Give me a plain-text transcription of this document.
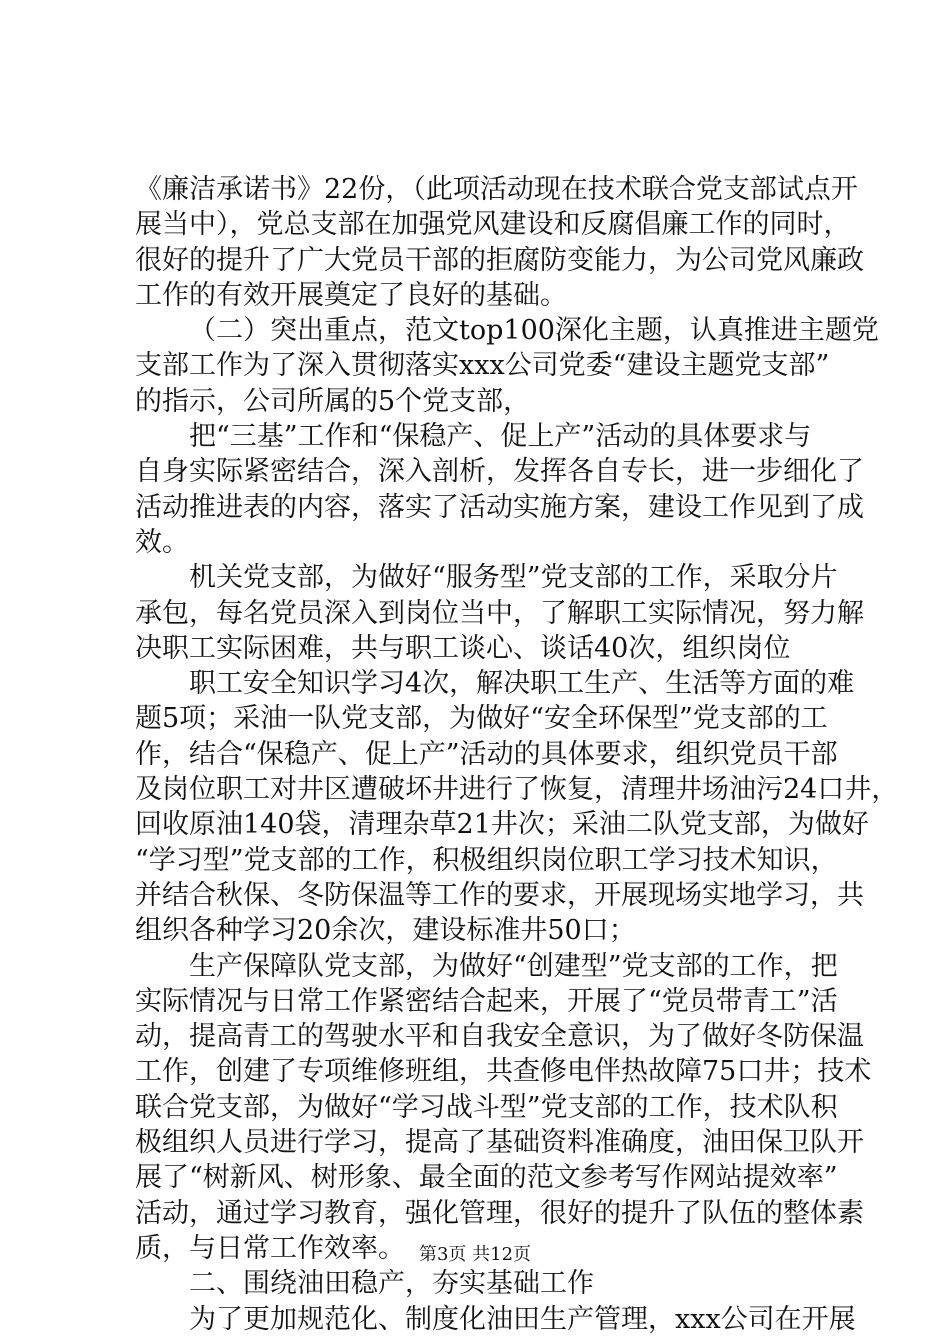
《廉洁承诺书》22份，（此项活动现在技术联合党支部试点开
展当中），党总支部在加强党风建设和反腐倡廉工作的同时，
很好的提升了广大党员干部的拒腐防变能力，为公司党风廉政
工作的有效开展奠定了良好的基础。
（二）突出重点，范文top100深化主题，认真推进主题党
支部工作为了深入贯彻落实xxx公司党委“建设主题党支部”
的指示，公司所属的5个党支部，
把“三基”工作和“保稳产、促上产”活动的具体要求与
自身实际紧密结合，深入剖析，发挥各自专长，进一步细化了
活动推进表的内容，落实了活动实施方案，建设工作见到了成
效。
机关党支部，为做好“服务型”党支部的工作，采取分片
承包，每名党员深入到岗位当中，了解职工实际情况，努力解
决职工实际困难，共与职工谈心、谈话40次，组织岗位
职工安全知识学习4次，解决职工生产、生活等方面的难
题5项；采油一队党支部，为做好“安全环保型”党支部的工
作，结合“保稳产、促上产”活动的具体要求，组织党员干部
及岗位职工对井区遭破坏井进行了恢复，清理井场油污24口井，
回收原油140袋，清理杂草21井次；采油二队党支部，为做好
“学习型”党支部的工作，积极组织岗位职工学习技术知识，
并结合秋保、冬防保温等工作的要求，开展现场实地学习，共
组织各种学习20余次，建设标准井50口；
生产保障队党支部，为做好“创建型”党支部的工作，把
实际情况与日常工作紧密结合起来，开展了“党员带青工”活
动，提高青工的驾驶水平和自我安全意识，为了做好冬防保温
工作，创建了专项维修班组，共查修电伴热故障75口井；技术
联合党支部，为做好“学习战斗型”党支部的工作，技术队积
极组织人员进行学习，提高了基础资料准确度，油田保卫队开
展了“树新风、树形象、最全面的范文参考写作网站提效率”
活动，通过学习教育，强化管理，很好的提升了队伍的整体素
质，与日常工作效率。
二、围绕油田稳产，夯实基础工作
为了更加规范化、制度化油田生产管理，xxx公司在开展
第3页 共12页
